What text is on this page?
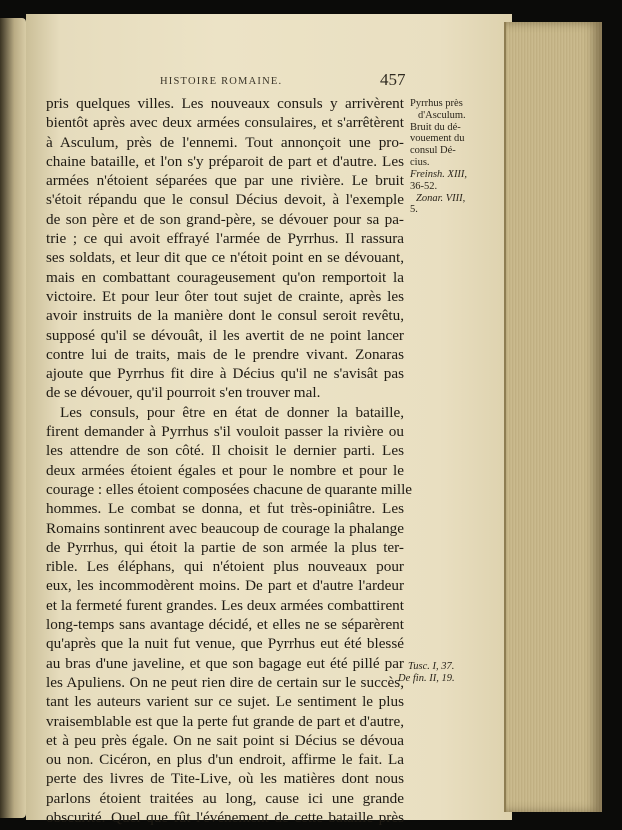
HISTOIRE ROMAINE.	457
pris quelques villes. Les nouveaux consuls y arrivèrent
bientôt après avec deux armées consulaires, et s'arrêtèrent
à Asculum, près de l'ennemi. Tout annonçoit une pro-
chaine bataille, et l'on s'y préparoit de part et d'autre. Les
armées n'étoient séparées que par une rivière. Le bruit
s'étoit répandu que le consul Décius devoit, à l'exemple
de son père et de son grand-père, se dévouer pour sa pa-
trie ; ce qui avoit effrayé l'armée de Pyrrhus. Il rassura
ses soldats, et leur dit que ce n'étoit point en se dévouant,
mais en combattant courageusement qu'on remportoit la
victoire. Et pour leur ôter tout sujet de crainte, après les
avoir instruits de la manière dont le consul seroit revêtu,
supposé qu'il se dévouât, il les avertit de ne point lancer
contre lui de traits, mais de le prendre vivant. Zonaras
ajoute que Pyrrhus fit dire à Décius qu'il ne s'avisât pas
de se dévouer, qu'il pourroit s'en trouver mal.
Les consuls, pour être en état de donner la bataille,
firent demander à Pyrrhus s'il vouloit passer la rivière ou
les attendre de son côté. Il choisit le dernier parti. Les
deux armées étoient égales et pour le nombre et pour le
courage : elles étoient composées chacune de quarante mille
hommes. Le combat se donna, et fut très-opiniâtre. Les
Romains sontinrent avec beaucoup de courage la phalange
de Pyrrhus, qui étoit la partie de son armée la plus ter-
rible. Les éléphans, qui n'étoient plus nouveaux pour
eux, les incommodèrent moins. De part et d'autre l'ardeur
et la fermeté furent grandes. Les deux armées combattirent
long-temps sans avantage décidé, et elles ne se séparèrent
qu'après que la nuit fut venue, que Pyrrhus eut été blessé
au bras d'une javeline, et que son bagage eut été pillé par
les Apuliens. On ne peut rien dire de certain sur le succès,
tant les auteurs varient sur ce sujet. Le sentiment le plus
vraisemblable est que la perte fut grande de part et d'autre,
et à peu près égale. On ne sait point si Décius se dévoua
ou non. Cicéron, en plus d'un endroit, affirme le fait. La
perte des livres de Tite-Live, où les matières dont nous
parlons étoient traitées au long, cause ici une grande
obscurité. Quel que fût l'événement de cette bataille près
Pyrrhus près
d'Asculum.
Bruit du dé-
vouement du
consul Dé-
cius.
Freinsh. XIII,
36-52.
Zonar. VIII,
5.
Tusc. I, 37.
De fin. II, 19.
